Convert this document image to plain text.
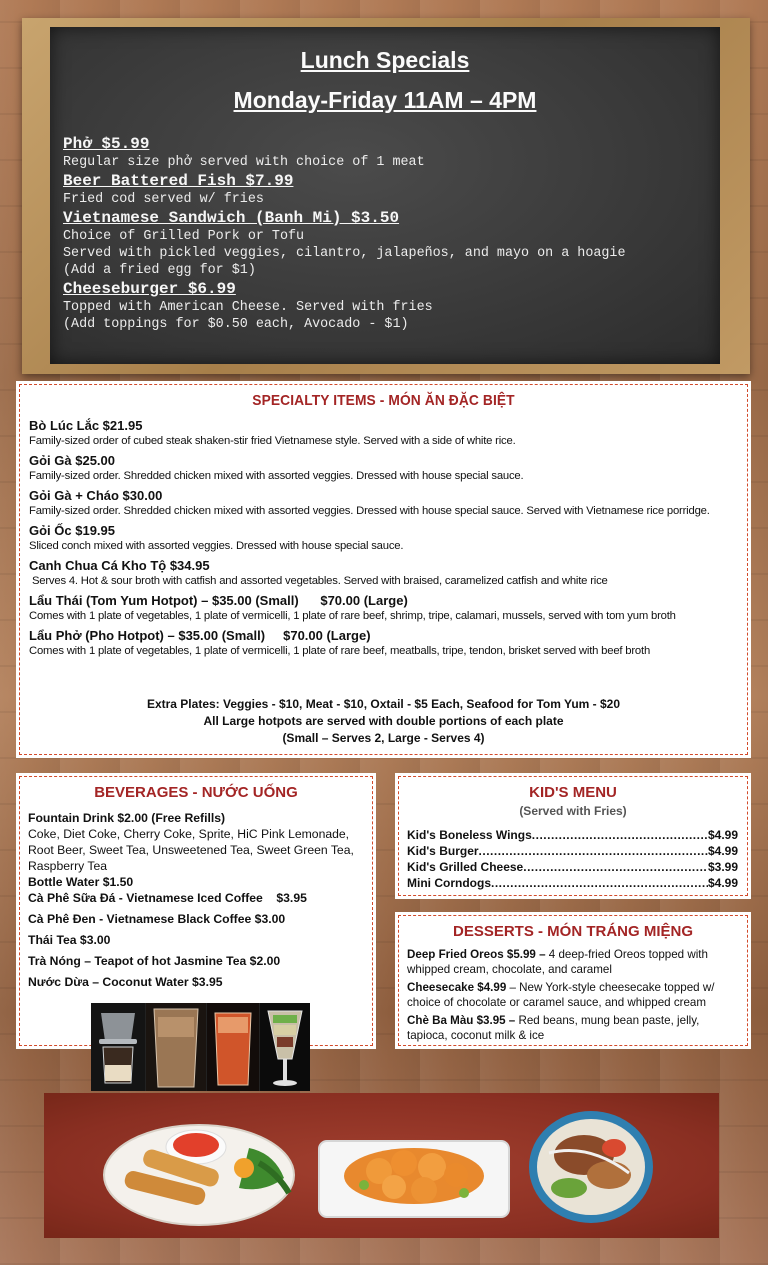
Lunch Specials
Monday-Friday 11AM – 4PM
Phở $5.99
Regular size phở served with choice of 1 meat
Beer Battered Fish $7.99
Fried cod served w/ fries
Vietnamese Sandwich (Banh Mi) $3.50
Choice of Grilled Pork or Tofu
Served with pickled veggies, cilantro, jalapeños, and mayo on a hoagie
(Add a fried egg for $1)
Cheeseburger $6.99
Topped with American Cheese. Served with fries
(Add toppings for $0.50 each, Avocado - $1)
SPECIALTY ITEMS - MÓN ĂN ĐẶC BIỆT
Bò Lúc Lắc $21.95
Family-sized order of cubed steak shaken-stir fried Vietnamese style. Served with a side of white rice.
Gỏi Gà $25.00
Family-sized order. Shredded chicken mixed with assorted veggies. Dressed with house special sauce.
Gỏi Gà + Cháo $30.00
Family-sized order. Shredded chicken mixed with assorted veggies. Dressed with house special sauce. Served with Vietnamese rice porridge.
Gỏi Ốc $19.95
Sliced conch mixed with assorted veggies. Dressed with house special sauce.
Canh Chua Cá Kho Tộ $34.95
Serves 4. Hot & sour broth with catfish and assorted vegetables. Served with braised, caramelized catfish and white rice
Lẩu Thái (Tom Yum Hotpot) – $35.00 (Small)      $70.00 (Large)
Comes with 1 plate of vegetables, 1 plate of vermicelli, 1 plate of rare beef, shrimp, tripe, calamari, mussels, served with tom yum broth
Lẩu Phở (Pho Hotpot) – $35.00 (Small)     $70.00 (Large)
Comes with 1 plate of vegetables, 1 plate of vermicelli, 1 plate of rare beef, meatballs, tripe, tendon, brisket served with beef broth
Extra Plates: Veggies - $10, Meat - $10, Oxtail - $5 Each, Seafood for Tom Yum - $20
All Large hotpots are served with double portions of each plate
(Small – Serves 2, Large - Serves 4)
BEVERAGES - NƯỚC UỐNG
Fountain Drink $2.00 (Free Refills)
Coke, Diet Coke, Cherry Coke, Sprite, HiC Pink Lemonade, Root Beer, Sweet Tea, Unsweetened Tea, Sweet Green Tea, Raspberry Tea
Bottle Water $1.50
Cà Phê Sữa Đá - Vietnamese Iced Coffee    $3.95
Cà Phê Đen - Vietnamese Black Coffee $3.00
Thái Tea $3.00
Trà Nóng – Teapot of hot Jasmine Tea $2.00
Nước Dừa – Coconut Water $3.95
KID'S MENU
(Served with Fries)
Kid's Boneless Wings .....	$4.99
Kid's Burger .....	$4.99
Kid's Grilled Cheese .....	$3.99
Mini Corndogs .....	$4.99
DESSERTS - MÓN TRÁNG MIỆNG
Deep Fried Oreos $5.99 – 4 deep-fried Oreos topped with whipped cream, chocolate, and caramel
Cheesecake $4.99 – New York-style cheesecake topped w/ choice of chocolate or caramel sauce, and whipped cream
Chè Ba Màu $3.95 – Red beans, mung bean paste, jelly, tapioca, coconut milk & ice
